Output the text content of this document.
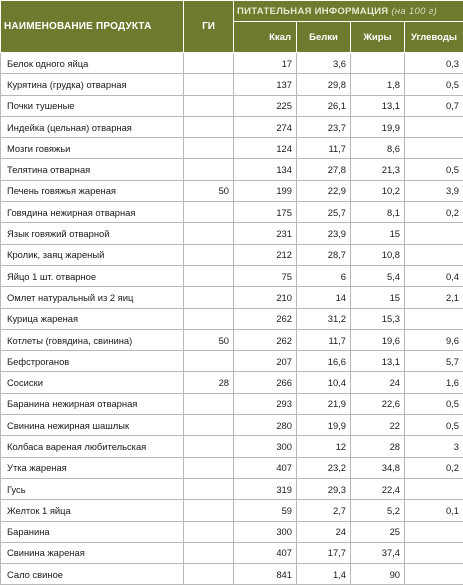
НАИМЕНОВАНИЕ ПРОДУКТА	ГИ	ПИТАТЕЛЬНАЯ ИНФОРМАЦИЯ (на 100 г)			
		Ккал	Белки	Жиры	Углеводы
Белок одного яйца		17	3,6		0,3
Курятина (грудка) отварная		137	29,8	1,8	0,5
Почки тушеные		225	26,1	13,1	0,7
Индейка (цельная) отварная		274	23,7	19,9	
Мозги говяжьи		124	11,7	8,6	
Телятина отварная		134	27,8	21,3	0,5
Печень говяжья жареная	50	199	22,9	10,2	3,9
Говядина нежирная отварная		175	25,7	8,1	0,2
Язык говяжий отварной		231	23,9	15	
Кролик, заяц жареный		212	28,7	10,8	
Яйцо 1 шт. отварное		75	6	5,4	0,4
Омлет натуральный из 2 яиц		210	14	15	2,1
Курица жареная		262	31,2	15,3	
Котлеты (говядина, свинина)	50	262	11,7	19,6	9,6
Бефстроганов		207	16,6	13,1	5,7
Сосиски	28	266	10,4	24	1,6
Баранина нежирная отварная		293	21,9	22,6	0,5
Свинина нежирная шашлык		280	19,9	22	0,5
Колбаса вареная любительская		300	12	28	3
Утка жареная		407	23,2	34,8	0,2
Гусь		319	29,3	22,4	
Желток 1 яйца		59	2,7	5,2	0,1
Баранина		300	24	25	
Свинина жареная		407	17,7	37,4	
Сало свиное		841	1,4	90	
